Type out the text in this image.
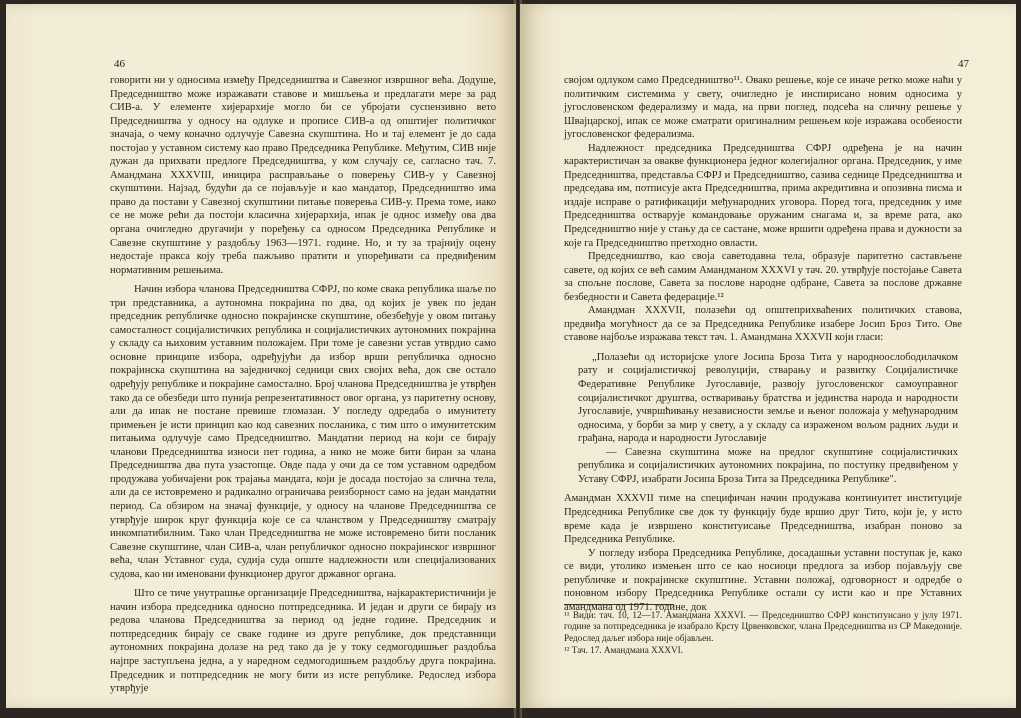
46

говорити ни у односима између Председништва и Савезног извршног већа. Додуше, Председништво може изражавати ставове и мишљења и предлагати мере за рад СИВ-а. У елементе хијерархије могло би се убројати суспензивно вето Председништва у односу на одлуке и прописе СИВ-а од општијег политичког значаја, о чему коначно одлучује Савезна скупштина. Но и тај елемент је до сада постојао у уставном систему као право Председника Републике. Међутим, СИВ није дужан да прихвати предлоге Председништва, у ком случају се, сагласно тач. 7. Амандмана XXXVIII, иницира расправљање о поверењу СИВ-у у Савезној скупштини. Најзад, будући да се појављује и као мандатор, Председништво има право да постави у Савезној скупштини питање поверења СИВ-у. Према томе, иако се не може рећи да постоји класична хијерархија, ипак је однос између ова два органа очигледно другачији у поређењу са односом Председника Републике и Савезне скупштине у раздобљу 1963—1971. године. Но, и ту за трајнију оцену недостаје пракса коју треба пажљиво пратити и упоређивати са предвиђеним нормативним решењима.

Начин избора чланова Председништва СФРЈ, по коме свака република шаље по три представника, а аутономна покрајина по два, од којих је увек по један председник републичке односно покрајинске скупштине, обезбеђује у овом питању самосталност социјалистичких република и социјалистичких аутономних покрајина у складу са њиховим уставним положајем. При томе је савезни устав утврдио само основне принципе избора, одређујући да избор врши републичка односно покрајинска скупштина на заједничкој седници свих својих већа, док све остало одређују републике и покрајине самостално. Број чланова Председништва је утврђен тако да се обезбеди што пунија репрезентативност овог органа, уз паритетну основу, али да ипак не постане превише гломазан. У погледу одредаба о имунитету примењен је исти принцип као код савезних посланика, с тим што о имунитетским питањима одлучује само Председништво. Мандатни период на који се бирају чланови Председништва износи пет година, а нико не може бити биран за члана Председништва два пута узастопце. Овде пада у очи да се том уставном одредбом продужава уобичајени рок трајања мандата, који је досада постојао за слична тела, али да се истовремено и радикално ограничава реизборност само на један мандатни период. Са обзиром на значај функције, у односу на чланове Председништва се утврђује широк круг функција које се са чланством у Председништву сматрају инкомпатибилним. Тако члан Председништва не може истовремено бити посланик Савезне скупштине, члан СИВ-а, члан републичког односно покрајинског извршног већа, члан Уставног суда, судија суда опште надлежности или специјализованих судова, као ни именовани функционер другог државног органа.

Што се тиче унутрашње организације Председништва, најкарактеристичнији је начин избора председника односно потпредседника. И један и други се бирају из редова чланова Председништва за период од једне године. Председник и потпредседник бирају се сваке године из друге републике, док представници аутономних покрајина долазе на ред тако да је у току седмогодишњег раздобља најпре заступљена једна, а у наредном седмогодишњем раздобљу друга покрајина. Председник и потпредседник не могу бити из исте републике. Редослед избора утврђује

47

својом одлуком само Председништво¹¹. Овако решење, које се иначе ретко може наћи у политичким системима у свету, очигледно је инспирисано новим односима у југословенском федерализму и мада, на први поглед, подсећа на сличну решење у Швајцарској, ипак се може сматрати оригиналним решењем које изражава особености југословенског федерализма.

Надлежност председника Председништва СФРЈ одређена је на начин карактеристичан за овакве функционера једног колегијалног органа. Председник, у име Председништва, представља СФРЈ и Председништво, сазива седнице Председништва и председава им, потписује акта Председништва, прима акредитивна и опозивна писма и издаје исправе о ратификацији међународних уговора. Поред тога, председник у име Председништва остварује командовање оружаним снагама и, за време рата, ако Председништво није у стању да се састане, може вршити одређена права и дужности за које га Председништво претходно овласти.

Председништво, као своја саветодавна тела, образује паритетно састављене савете, од којих се већ самим Амандманом XXXVI у тач. 20. утврђује постојање Савета за спољне послове, Савета за послове народне одбране, Савета за послове државне безбедности и Савета федерације.¹²

Амандман XXXVII, полазећи од општеприхваћених политичких ставова, предвиђа могућност да се за Председника Републике изабере Јосип Броз Тито. Ове ставове најбоље изражава текст тач. 1. Амандмана XXXVII који гласи:

„Полазећи од историјске улоге Јосипа Броза Тита у народноослободилачком рату и социјалистичкој револуцији, стварању и развитку Социјалистичке Федеративне Републике Југославије, развоју југословенског самоуправног социјалистичког друштва, остваривању братства и јединства народа и народности Југославије, учвршћивању независности земље и њеног положаја у међународним односима, у борби за мир у свету, а у складу са израженом вољом радних људи и грађана, народа и народности Југославије

— Савезна скупштина може на предлог скупштине социјалистичких република и социјалистичких аутономних покрајина, по поступку предвиђеном у Уставу СФРЈ, изабрати Јосипа Броза Тита за Председника Републике".

Амандман XXXVII тиме на специфичан начин продужава континуитет институције Председника Републике све док ту функцију буде вршио друг Тито, који је, у исто време када је извршено конституисање Председништва, изабран поново за Председника Републике.

У погледу избора Председника Републике, досадашњи уставни поступак је, како се види, утолико измењен што се као носиоци предлога за избор појављују све републичке и покрајинске скупштине. Уставни положај, одговорност и одредбе о поновном избору Председника Републике остали су исти као и пре Уставних амандмана од 1971. године, док

¹¹ Види: тач. 10, 12—17. Амандмана XXXVI. — Председништво СФРЈ конституисано у јулу 1971. године за потпредседника је изабрало Крсту Црвенковског, члана Председништва из СР Македоније. Редослед даљег избора није објављен.

¹² Тач. 17. Амандмана XXXVI.
